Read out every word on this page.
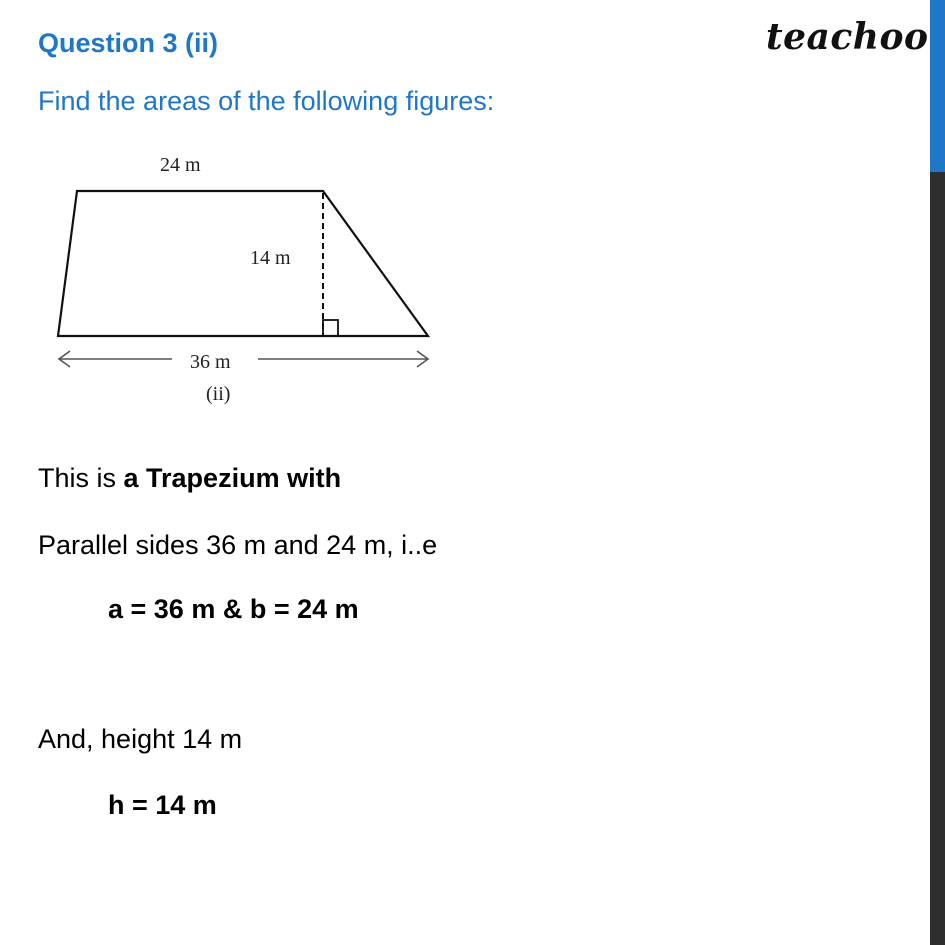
Question 3 (ii)	teachoo
Find the areas of the following figures:
24 m
14 m
36 m
(ii)
This is a Trapezium with
Parallel sides 36 m and 24 m, i..e
a = 36 m & b = 24 m
And, height 14 m
h = 14 m
